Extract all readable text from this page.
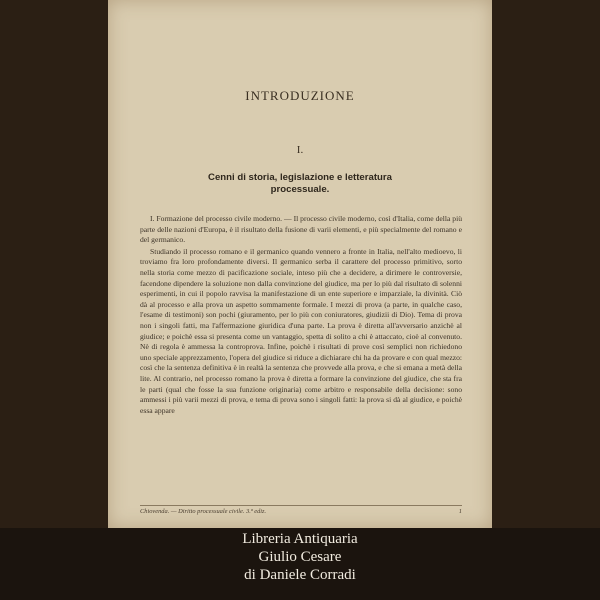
INTRODUZIONE
I.
Cenni di storia, legislazione e letteratura
processuale.

I. Formazione del processo civile moderno. — Il processo civile moderno, così d'Italia, come della più parte delle nazioni d'Europa, è il risultato della fusione di varii elementi, e più specialmente del romano e del germanico.

Studiando il processo romano e il germanico quando vennero a fronte in Italia, nell'alto medioevo, li troviamo fra loro profondamente diversi. Il germanico serba il carattere del processo primitivo, sorto nella storia come mezzo di pacificazione sociale, inteso più che a decidere, a dirimere le controversie, facendone dipendere la soluzione non dalla convinzione del giudice, ma per lo più dal risultato di solenni esperimenti, in cui il popolo ravvisa la manifestazione di un ente superiore e imparziale, la divinità. Ciò dà al processo e alla prova un aspetto sommamente formale. I mezzi di prova (a parte, in qualche caso, l'esame di testimoni) son pochi (giuramento, per lo più con coniuratores, giudizii di Dio). Tema di prova non i singoli fatti, ma l'affermazione giuridica d'una parte. La prova è diretta all'avversario anzichè al giudice; e poichè essa si presenta come un vantaggio, spetta di solito a chi è attaccato, cioè al convenuto. Nè di regola è ammessa la controprova. Infine, poichè i risultati di prove così semplici non richiedono uno speciale apprezzamento, l'opera del giudice si riduce a dichiarare chi ha da provare e con qual mezzo: così che la sentenza definitiva è in realtà la sentenza che provvede alla prova, e che si emana a metà della lite. Al contrario, nel processo romano la prova è diretta a formare la convinzione del giudice, che sta fra le parti (qual che fosse la sua funzione originaria) come arbitro e responsabile della decisione: sono ammessi i più varii mezzi di prova, e tema di prova sono i singoli fatti: la prova si dà al giudice, e poichè essa appare

Chiovenda. — Diritto processuale civile. 3.ª ediz.	1
Libreria Antiquaria
Giulio Cesare
di Daniele Corradi
